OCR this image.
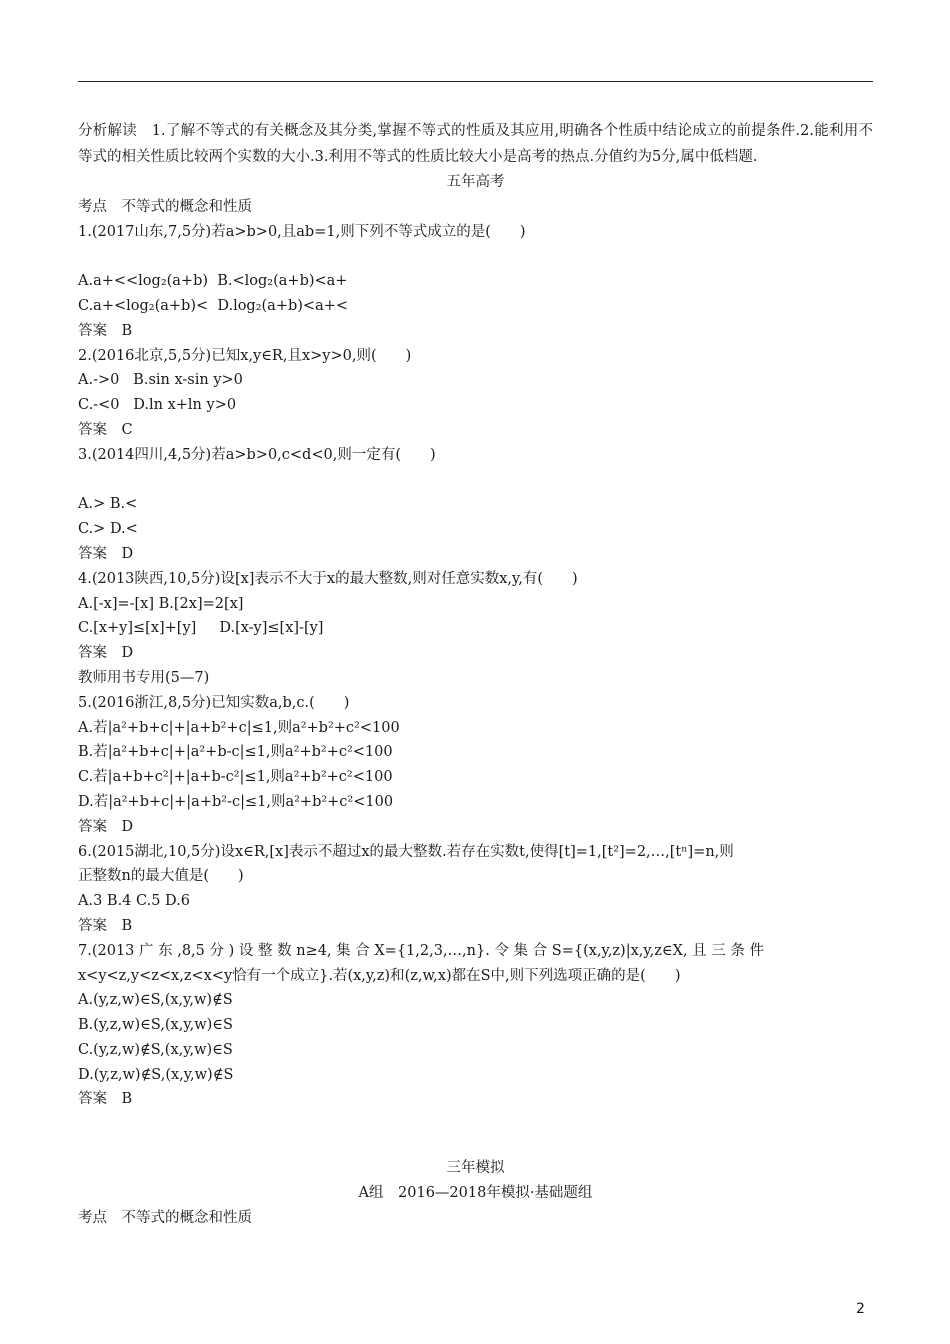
分析解读　1.了解不等式的有关概念及其分类,掌握不等式的性质及其应用,明确各个性质中结论成立的前提条件.2.能利用不等式的相关性质比较两个实数的大小.3.利用不等式的性质比较大小是高考的热点.分值约为5分,属中低档题.
五年高考
考点　不等式的概念和性质
1.(2017山东,7,5分)若a>b>0,且ab=1,则下列不等式成立的是(　　)
A.a+<<log₂(a+b)  B.<log₂(a+b)<a+
C.a+<log₂(a+b)<  D.log₂(a+b)<a+<
答案　B
2.(2016北京,5,5分)已知x,y∈R,且x>y>0,则(　　)
A.->0   B.sin x-sin y>0
C.-<0   D.ln x+ln y>0
答案　C
3.(2014四川,4,5分)若a>b>0,c<d<0,则一定有(　　)
A.> B.<
C.> D.<
答案　D
4.(2013陕西,10,5分)设[x]表示不大于x的最大整数,则对任意实数x,y,有(　　)
A.[-x]=-[x] B.[2x]=2[x]
C.[x+y]≤[x]+[y]     D.[x-y]≤[x]-[y]
答案　D
教师用书专用(5—7)
5.(2016浙江,8,5分)已知实数a,b,c.(　　)
A.若|a²+b+c|+|a+b²+c|≤1,则a²+b²+c²<100
B.若|a²+b+c|+|a²+b-c|≤1,则a²+b²+c²<100
C.若|a+b+c²|+|a+b-c²|≤1,则a²+b²+c²<100
D.若|a²+b+c|+|a+b²-c|≤1,则a²+b²+c²<100
答案　D
6.(2015湖北,10,5分)设x∈R,[x]表示不超过x的最大整数.若存在实数t,使得[t]=1,[t²]=2,…,[tⁿ]=n,则
正整数n的最大值是(　　)
A.3 B.4 C.5 D.6
答案　B
7.(2013 广 东 ,8,5 分 ) 设 整 数 n≥4, 集 合 X={1,2,3,…,n}. 令 集 合 S={(x,y,z)|x,y,z∈X, 且 三 条 件
x<y<z,y<z<x,z<x<y恰有一个成立}.若(x,y,z)和(z,w,x)都在S中,则下列选项正确的是(　　)
A.(y,z,w)∈S,(x,y,w)∉S
B.(y,z,w)∈S,(x,y,w)∈S
C.(y,z,w)∉S,(x,y,w)∈S
D.(y,z,w)∉S,(x,y,w)∉S
答案　B
三年模拟
A组　2016—2018年模拟·基础题组
考点　不等式的概念和性质
2
